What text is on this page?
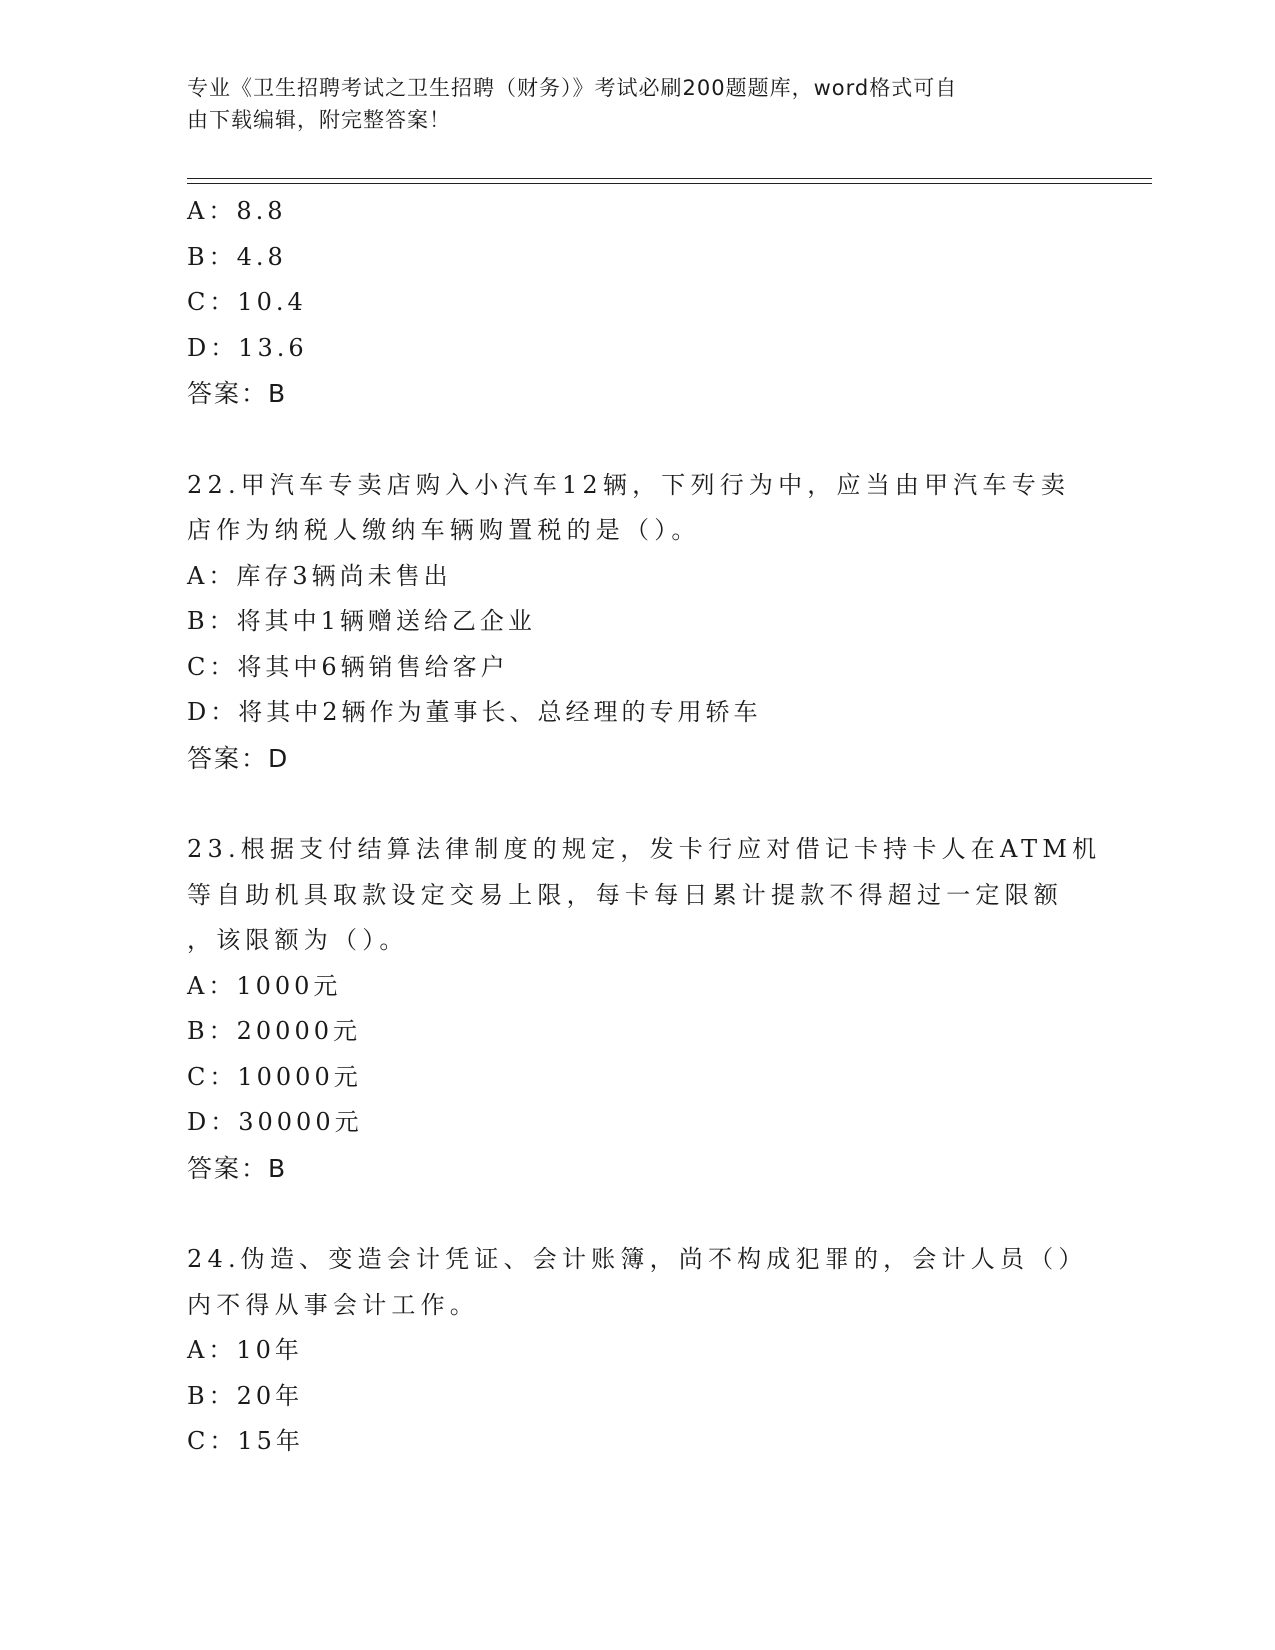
专业《卫生招聘考试之卫生招聘（财务）》考试必刷200题题库，word格式可自
由下载编辑，附完整答案！
A：8.8
B：4.8
C：10.4
D：13.6
答案：B
22.甲汽车专卖店购入小汽车12辆，下列行为中，应当由甲汽车专卖
店作为纳税人缴纳车辆购置税的是（）。
A：库存3辆尚未售出
B：将其中1辆赠送给乙企业
C：将其中6辆销售给客户
D：将其中2辆作为董事长、总经理的专用轿车
答案：D
23.根据支付结算法律制度的规定，发卡行应对借记卡持卡人在ATM机
等自助机具取款设定交易上限，每卡每日累计提款不得超过一定限额
，该限额为（）。
A：1000元
B：20000元
C：10000元
D：30000元
答案：B
24.伪造、变造会计凭证、会计账簿，尚不构成犯罪的，会计人员（）
内不得从事会计工作。
A：10年
B：20年
C：15年
